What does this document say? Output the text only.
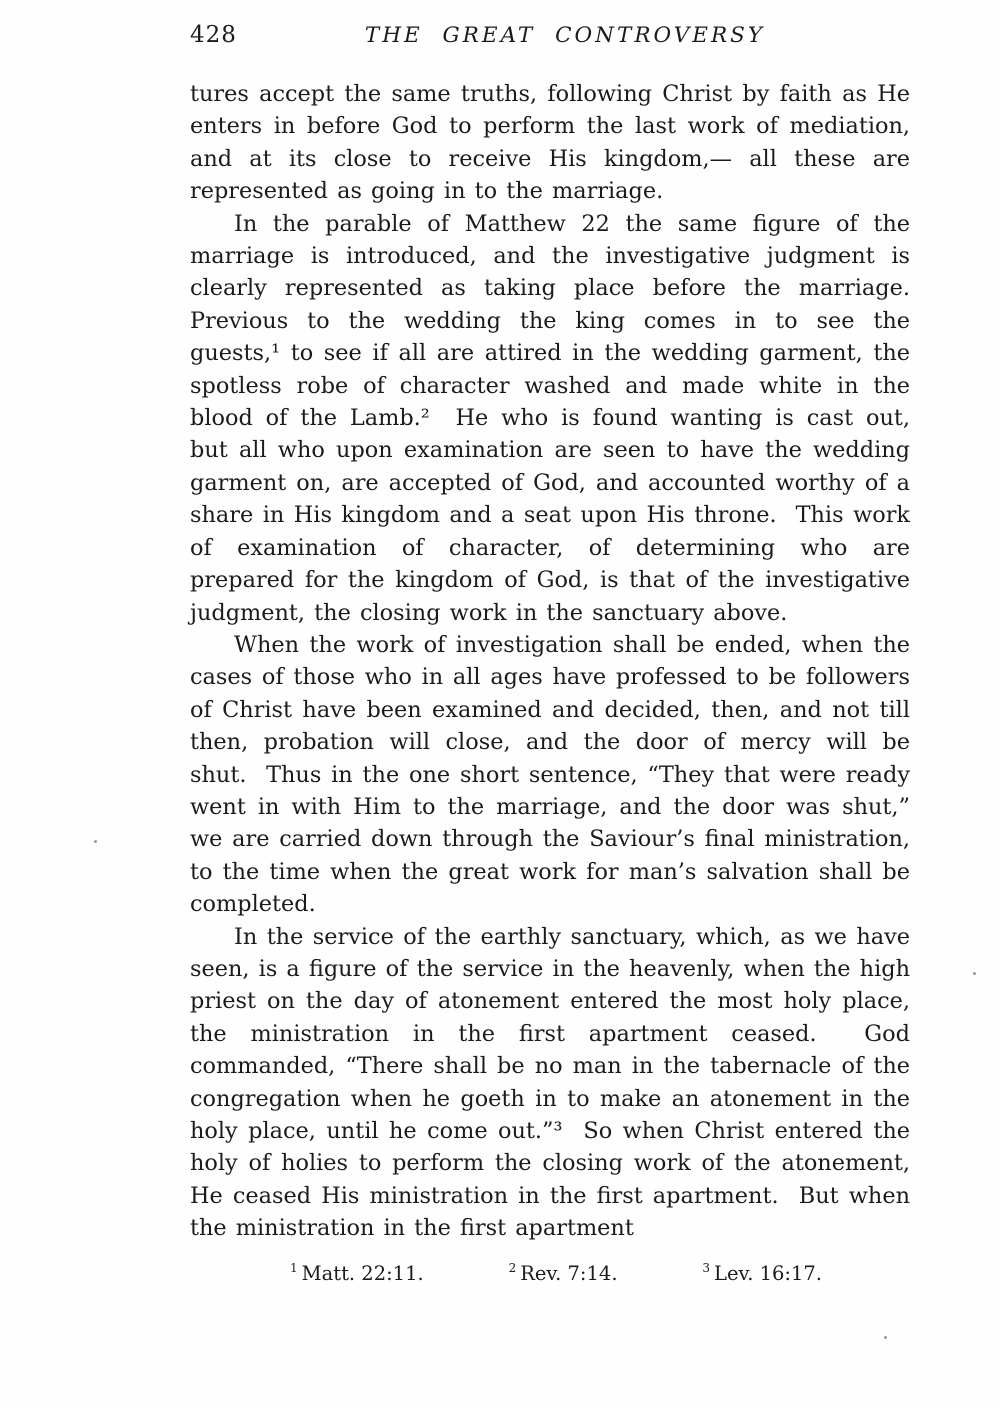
428	THE GREAT CONTROVERSY

tures accept the same truths, following Christ by faith as He enters in before God to perform the last work of mediation, and at its close to receive His kingdom,— all these are represented as going in to the marriage.

In the parable of Matthew 22 the same figure of the marriage is introduced, and the investigative judgment is clearly represented as taking place before the marriage.  Previous to the wedding the king comes in to see the guests,¹ to see if all are attired in the wedding garment, the spotless robe of character washed and made white in the blood of the Lamb.²  He who is found wanting is cast out, but all who upon examination are seen to have the wedding garment on, are accepted of God, and accounted worthy of a share in His kingdom and a seat upon His throne.  This work of examination of character, of determining who are prepared for the kingdom of God, is that of the investigative judgment, the closing work in the sanctuary above.

When the work of investigation shall be ended, when the cases of those who in all ages have professed to be followers of Christ have been examined and decided, then, and not till then, probation will close, and the door of mercy will be shut.  Thus in the one short sentence, “They that were ready went in with Him to the marriage, and the door was shut,” we are carried down through the Saviour’s final ministration, to the time when the great work for man’s salvation shall be completed.

In the service of the earthly sanctuary, which, as we have seen, is a figure of the service in the heavenly, when the high priest on the day of atonement entered the most holy place, the ministration in the first apartment ceased.  God commanded, “There shall be no man in the tabernacle of the congregation when he goeth in to make an atonement in the holy place, until he come out.”³  So when Christ entered the holy of holies to perform the closing work of the atonement, He ceased His ministration in the first apartment.  But when the ministration in the first apartment

$^1$ Matt. 22:11.	$^2$ Rev. 7:14.	$^3$ Lev. 16:17.
